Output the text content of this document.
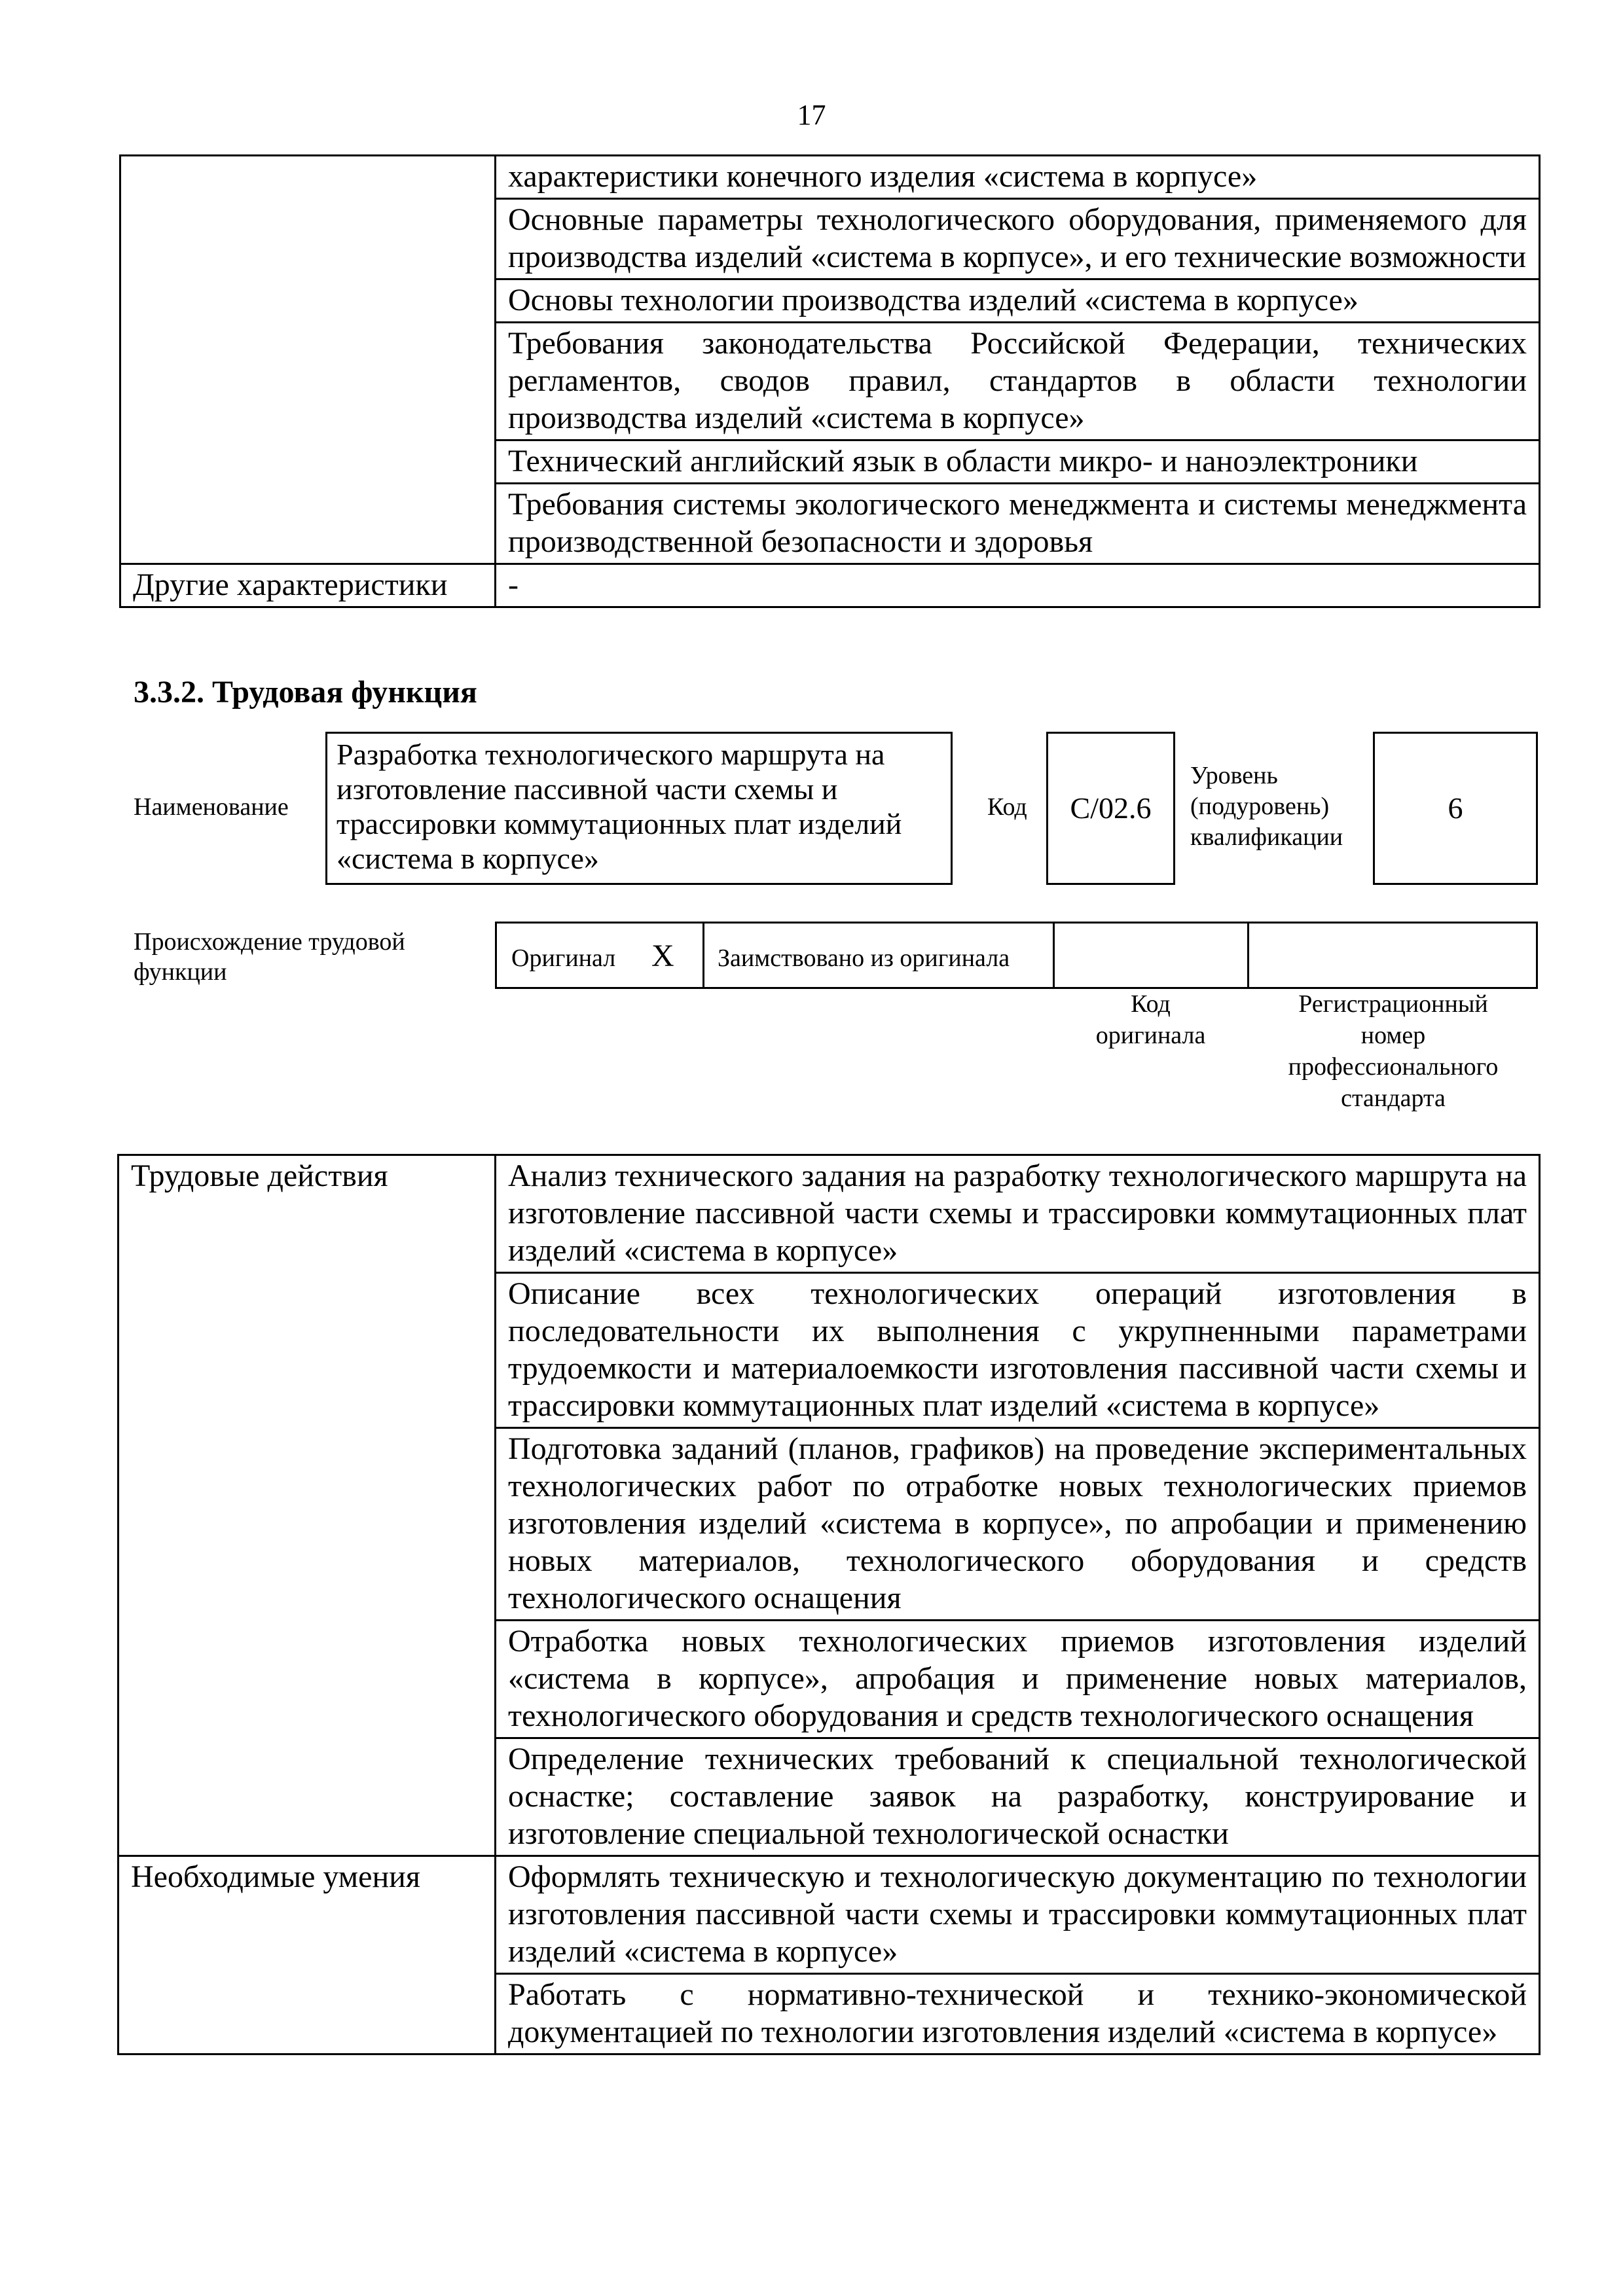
17
	характеристики конечного изделия «система в корпусе»
	Основные параметры технологического оборудования, применяемого для производства изделий «система в корпусе», и его технические возможности
	Основы технологии производства изделий «система в корпусе»
	Требования законодательства Российской Федерации, технических регламентов, сводов правил, стандартов в области технологии производства изделий «система в корпусе»
	Технический английский язык в области микро- и наноэлектроники
	Требования системы экологического менеджмента и системы менеджмента производственной безопасности и здоровья
Другие характеристики	-
3.3.2. Трудовая функция
Наименование
Разработка технологического маршрута на изготовление пассивной части схемы и трассировки коммутационных плат изделий «система в корпусе»
Код	C/02.6
Уровень (подуровень) квалификации
6
Происхождение трудовой функции	Оригинал X Заимствовано из оригинала
Код оригинала
Регистрационный номер профессионального стандарта
Трудовые действия	Анализ технического задания на разработку технологического маршрута на изготовление пассивной части схемы и трассировки коммутационных плат изделий «система в корпусе»
	Описание всех технологических операций изготовления в последовательности их выполнения с укрупненными параметрами трудоемкости и материалоемкости изготовления пассивной части схемы и трассировки коммутационных плат изделий «система в корпусе»
	Подготовка заданий (планов, графиков) на проведение экспериментальных технологических работ по отработке новых технологических приемов изготовления изделий «система в корпусе», по апробации и применению новых материалов, технологического оборудования и средств технологического оснащения
	Отработка новых технологических приемов изготовления изделий «система в корпусе», апробация и применение новых материалов, технологического оборудования и средств технологического оснащения
	Определение технических требований к специальной технологической оснастке; составление заявок на разработку, конструирование и изготовление специальной технологической оснастки
Необходимые умения	Оформлять техническую и технологическую документацию по технологии изготовления пассивной части схемы и трассировки коммутационных плат изделий «система в корпусе»
	Работать с нормативно-технической и технико-экономической документацией по технологии изготовления изделий «система в корпусе»
